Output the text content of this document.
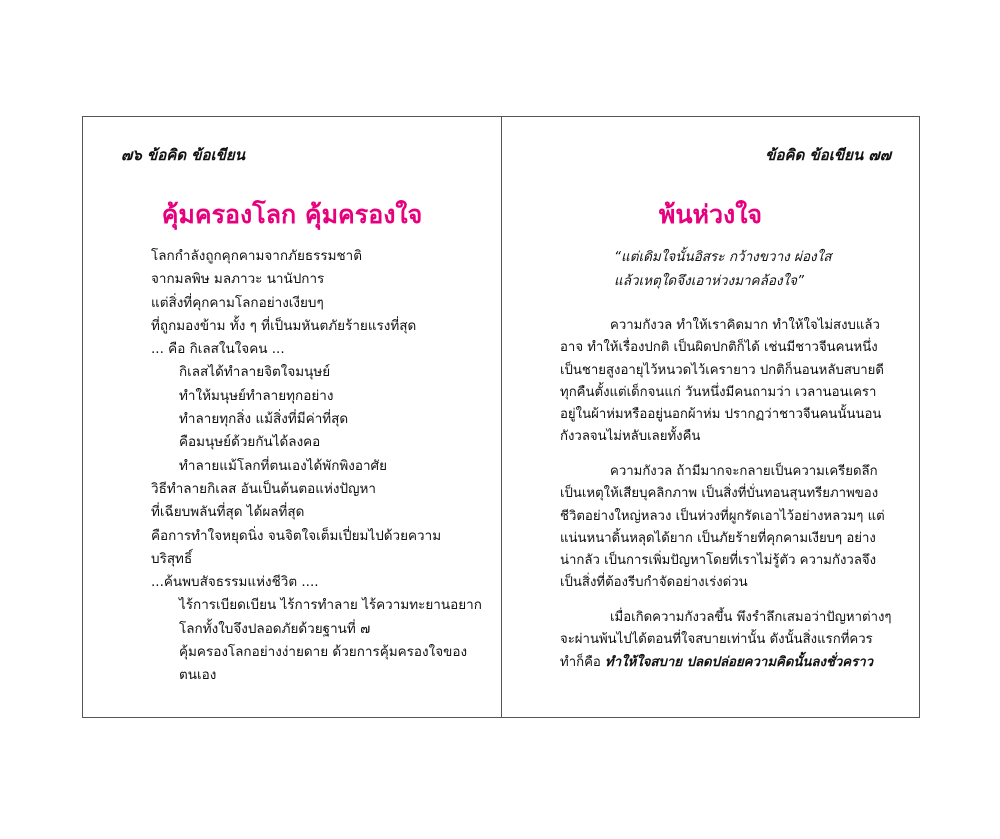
๗๖ ข้อคิด ข้อเขียน
คุ้มครองโลก คุ้มครองใจ
โลกกำลังถูกคุกคามจากภัยธรรมชาติ
จากมลพิษ มลภาวะ นานัปการ
แต่สิ่งที่คุกคามโลกอย่างเงียบๆ
ที่ถูกมองข้าม ทั้ง ๆ ที่เป็นมหันตภัยร้ายแรงที่สุด
... คือ กิเลสในใจคน ...
กิเลสได้ทำลายจิตใจมนุษย์
ทำให้มนุษย์ทำลายทุกอย่าง
ทำลายทุกสิ่ง แม้สิ่งที่มีค่าที่สุด
คือมนุษย์ด้วยกันได้ลงคอ
ทำลายแม้โลกที่ตนเองได้พักพิงอาศัย
วิธีทำลายกิเลส อันเป็นต้นตอแห่งปัญหา
ที่เฉียบพลันที่สุด ได้ผลที่สุด
คือการทำใจหยุดนิ่ง จนจิตใจเต็มเปี่ยมไปด้วยความ
บริสุทธิ์
...ค้นพบสัจธรรมแห่งชีวิต ....
ไร้การเบียดเบียน ไร้การทำลาย ไร้ความทะยานอยาก
โลกทั้งใบจึงปลอดภัยด้วยฐานที่ ๗
คุ้มครองโลกอย่างง่ายดาย ด้วยการคุ้มครองใจของ
ตนเอง
ข้อคิด ข้อเขียน ๗๗
พ้นห่วงใจ
“แต่เดิมใจนั้นอิสระ กว้างขวาง ผ่องใส
แล้วเหตุใดจึงเอาห่วงมาคล้องใจ”
ความกังวล ทำให้เราคิดมาก ทำให้ใจไม่สงบแล้ว
อาจ ทำให้เรื่องปกติ เป็นผิดปกติก็ได้ เช่นมีชาวจีนคนหนึ่ง
เป็นชายสูงอายุไว้หนวดไว้เครายาว ปกติก็นอนหลับสบายดี
ทุกคืนตั้งแต่เด็กจนแก่ วันหนึ่งมีคนถามว่า เวลานอนเครา
อยู่ในผ้าห่มหรืออยู่นอกผ้าห่ม ปรากฏว่าชาวจีนคนนั้นนอน
กังวลจนไม่หลับเลยทั้งคืน
ความกังวล ถ้ามีมากจะกลายเป็นความเครียดลึก
เป็นเหตุให้เสียบุคลิกภาพ เป็นสิ่งที่บั่นทอนสุนทรียภาพของ
ชีวิตอย่างใหญ่หลวง เป็นห่วงที่ผูกรัดเอาไว้อย่างหลวมๆ แต่
แน่นหนาดิ้นหลุดได้ยาก เป็นภัยร้ายที่คุกคามเงียบๆ อย่าง
น่ากลัว เป็นการเพิ่มปัญหาโดยที่เราไม่รู้ตัว ความกังวลจึง
เป็นสิ่งที่ต้องรีบกำจัดอย่างเร่งด่วน
เมื่อเกิดความกังวลขึ้น พึงรำลึกเสมอว่าปัญหาต่างๆ
จะผ่านพ้นไปได้ตอนที่ใจสบายเท่านั้น ดังนั้นสิ่งแรกที่ควร
ทำก็คือ ทำให้ใจสบาย ปลดปล่อยความคิดนั้นลงชั่วคราว
